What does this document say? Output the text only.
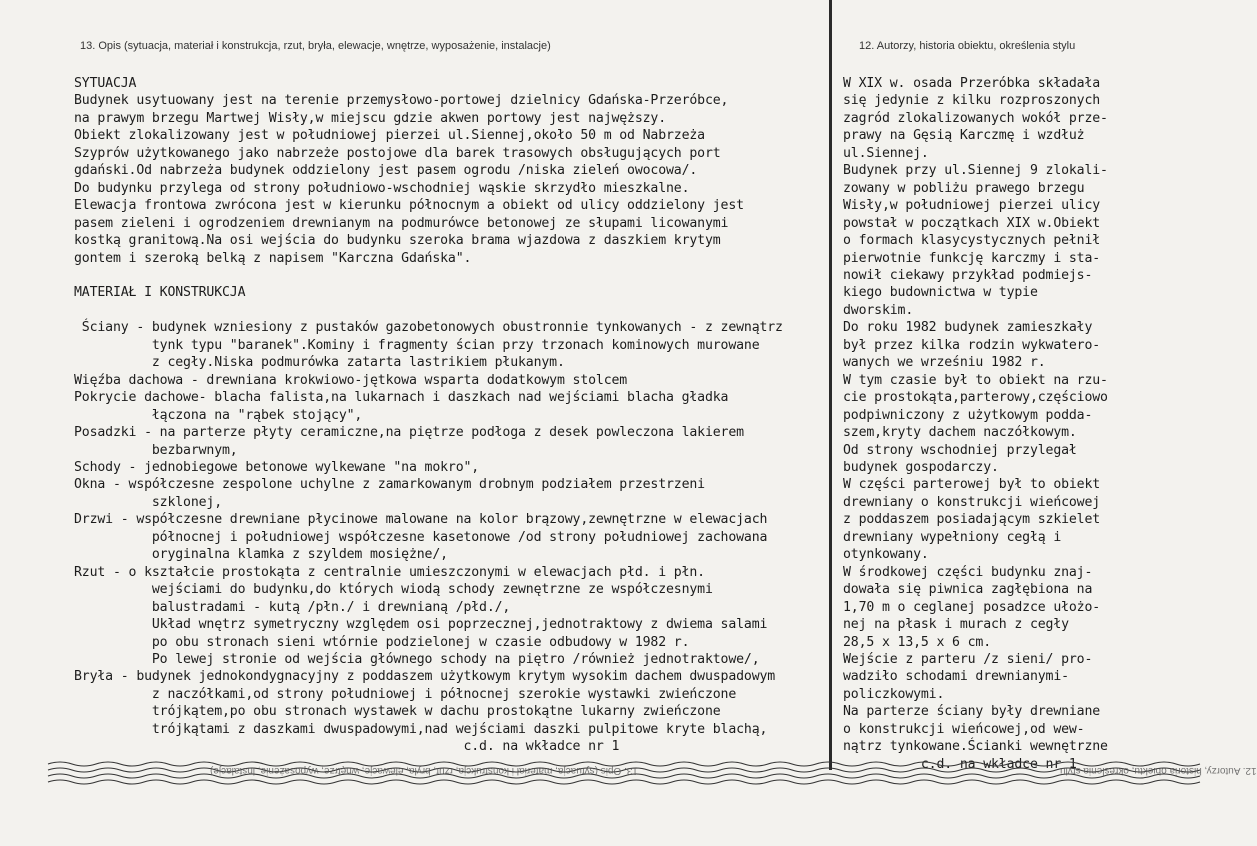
13. Opis (sytuacja, materiał i konstrukcja, rzut, bryła, elewacje, wnętrze, wyposażenie, instalacje)	12. Autorzy, historia obiektu, określenia stylu
SYTUACJA
Budynek usytuowany jest na terenie przemysłowo-portowej dzielnicy Gdańska-Przeróbce,
na prawym brzegu Martwej Wisły,w miejscu gdzie akwen portowy jest najwęższy.
Obiekt zlokalizowany jest w południowej pierzei ul.Siennej,około 50 m od Nabrzeża
Szyprów użytkowanego jako nabrzeże postojowe dla barek trasowych obsługujących port
gdański.Od nabrzeża budynek oddzielony jest pasem ogrodu /niska zieleń owocowa/.
Do budynku przylega od strony południowo-wschodniej wąskie skrzydło mieszkalne.
Elewacja frontowa zwrócona jest w kierunku północnym a obiekt od ulicy oddzielony jest
pasem zieleni i ogrodzeniem drewnianym na podmurówce betonowej ze słupami licowanymi
kostką granitową.Na osi wejścia do budynku szeroka brama wjazdowa z daszkiem krytym
gontem i szeroką belką z napisem "Karczna Gdańska".

MATERIAŁ I KONSTRUKCJA

Ściany - budynek wzniesiony z pustaków gazobetonowych obustronnie tynkowanych - z zewnątrz
tynk typu "baranek".Kominy i fragmenty ścian przy trzonach kominowych murowane
z cegły.Niska podmurówka zatarta lastrikiem płukanym.
Więźba dachowa - drewniana krokwiowo-jętkowa wsparta dodatkowym stolcem
Pokrycie dachowe- blacha falista,na lukarnach i daszkach nad wejściami blacha gładka
łączona na "rąbek stojący",
Posadzki - na parterze płyty ceramiczne,na piętrze podłoga z desek powleczona lakierem
bezbarwnym,
Schody - jednobiegowe betonowe wylkewane "na mokro",
Okna - współczesne zespolone uchylne z zamarkowanym drobnym podziałem przestrzeni
szklonej,
Drzwi - współczesne drewniane płycinowe malowane na kolor brązowy,zewnętrzne w elewacjach
północnej i południowej współczesne kasetonowe /od strony południowej zachowana
oryginalna klamka z szyldem mosiężne/,
Rzut - o kształcie prostokąta z centralnie umieszczonymi w elewacjach płd. i płn.
wejściami do budynku,do których wiodą schody zewnętrzne ze współczesnymi
balustradami - kutą /płn./ i drewnianą /płd./,
Układ wnętrz symetryczny względem osi poprzecznej,jednotraktowy z dwiema salami
po obu stronach sieni wtórnie podzielonej w czasie odbudowy w 1982 r.
Po lewej stronie od wejścia głównego schody na piętro /również jednotraktowe/,
Bryła - budynek jednokondygnacyjny z poddaszem użytkowym krytym wysokim dachem dwuspadowym
z naczółkami,od strony południowej i północnej szerokie wystawki zwieńczone
trójkątem,po obu stronach wystawek w dachu prostokątne lukarny zwieńczone
trójkątami z daszkami dwuspadowymi,nad wejściami daszki pulpitowe kryte blachą,
c.d. na wkładce nr 1
W XIX w. osada Przeróbka składała
się jedynie z kilku rozproszonych
zagród zlokalizowanych wokół prze-
prawy na Gęsią Karczmę i wzdłuż
ul.Siennej.
Budynek przy ul.Siennej 9 zlokali-
zowany w pobliżu prawego brzegu
Wisły,w południowej pierzei ulicy
powstał w początkach XIX w.Obiekt
o formach klasycystycznych pełnił
pierwotnie funkcję karczmy i sta-
nowił ciekawy przykład podmiejs-
kiego budownictwa w typie
dworskim.
Do roku 1982 budynek zamieszkały
był przez kilka rodzin wykwatero-
wanych we wrześniu 1982 r.
W tym czasie był to obiekt na rzu-
cie prostokąta,parterowy,częściowo
podpiwniczony z użytkowym podda-
szem,kryty dachem naczółkowym.
Od strony wschodniej przylegał
budynek gospodarczy.
W części parterowej był to obiekt
drewniany o konstrukcji wieńcowej
z poddaszem posiadającym szkielet
drewniany wypełniony cegłą i
otynkowany.
W środkowej części budynku znaj-
dowała się piwnica zagłębiona na
1,70 m o ceglanej posadzce ułożo-
nej na płask i murach z cegły
28,5 x 13,5 x 6 cm.
Wejście z parteru /z sieni/ pro-
wadziło schodami drewnianymi-
policzkowymi.
Na parterze ściany były drewniane
o konstrukcji wieńcowej,od wew-
nątrz tynkowane.Ścianki wewnętrzne
c.d. na wkładce nr 1
13. Opis (sytuacja, materiał i konstrukcja, rzut, bryła, elewacje, wnętrze, wyposażenie, instalacje)	12. Autorzy, historia obiektu, określenia stylu
